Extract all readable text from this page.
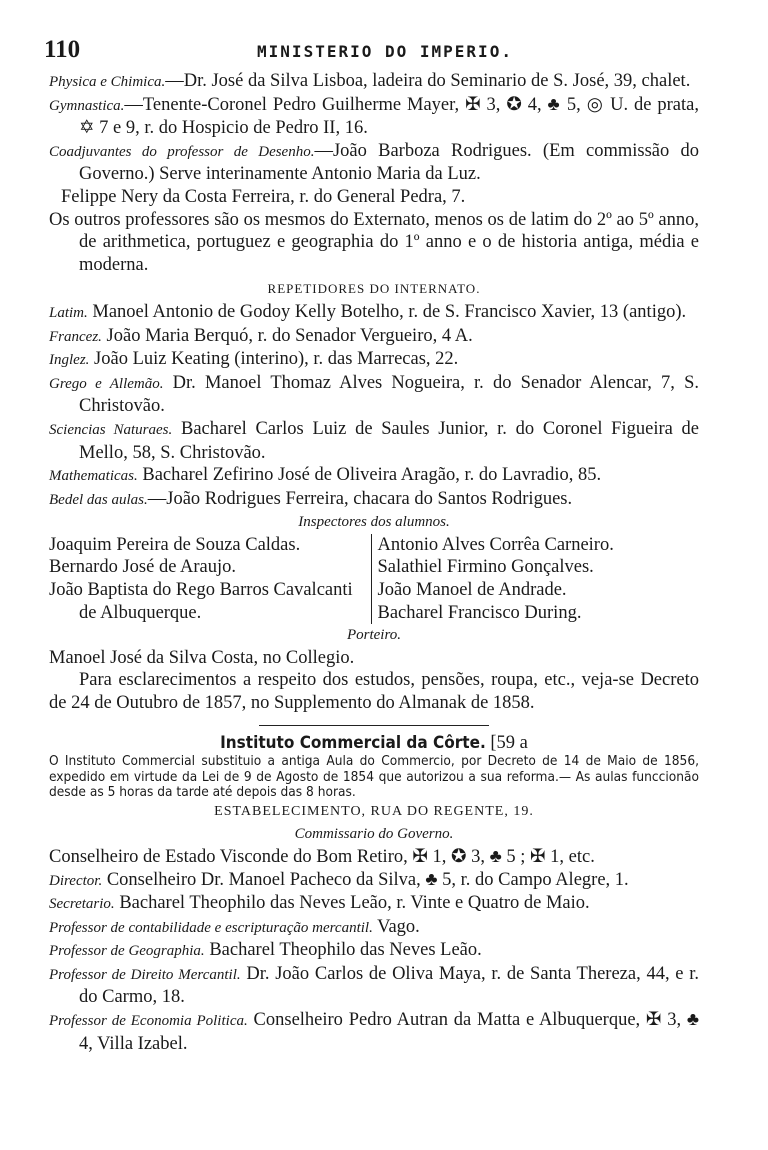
110	MINISTERIO DO IMPERIO.
Physica e Chimica.—Dr. José da Silva Lisboa, ladeira do Seminario de S. José, 39, chalet.
Gymnastica.—Tenente-Coronel Pedro Guilherme Mayer, ✠ 3, ✪ 4, ♣ 5, ◎ U. de prata, ✡ 7 e 9, r. do Hospicio de Pedro II, 16.
Coadjuvantes do professor de Desenho.—João Barboza Rodrigues. (Em commissão do Governo.) Serve interinamente Antonio Maria da Luz.
Felippe Nery da Costa Ferreira, r. do General Pedra, 7.
Os outros professores são os mesmos do Externato, menos os de latim do 2º ao 5º anno, de arithmetica, portuguez e geographia do 1º anno e o de historia antiga, média e moderna.
REPETIDORES DO INTERNATO.
Latim. Manoel Antonio de Godoy Kelly Botelho, r. de S. Francisco Xavier, 13 (antigo).
Francez. João Maria Berquó, r. do Senador Vergueiro, 4 A.
Inglez. João Luiz Keating (interino), r. das Marrecas, 22.
Grego e Allemão. Dr. Manoel Thomaz Alves Nogueira, r. do Senador Alencar, 7, S. Christovão.
Sciencias Naturaes. Bacharel Carlos Luiz de Saules Junior, r. do Coronel Figueira de Mello, 58, S. Christovão.
Mathematicas. Bacharel Zefirino José de Oliveira Aragão, r. do Lavradio, 85.
Bedel das aulas.—João Rodrigues Ferreira, chacara do Santos Rodrigues.
Inspectores dos alumnos.
Joaquim Pereira de Souza Caldas.
Bernardo José de Araujo.
João Baptista do Rego Barros Cavalcanti de Albuquerque.
Antonio Alves Corrêa Carneiro.
Salathiel Firmino Gonçalves.
João Manoel de Andrade.
Bacharel Francisco During.
Porteiro.
Manoel José da Silva Costa, no Collegio.
Para esclarecimentos a respeito dos estudos, pensões, roupa, etc., veja-se Decreto de 24 de Outubro de 1857, no Supplemento do Almanak de 1858.
Instituto Commercial da Côrte. [59 a
O Instituto Commercial substituio a antiga Aula do Commercio, por Decreto de 14 de Maio de 1856, expedido em virtude da Lei de 9 de Agosto de 1854 que autorizou a sua reforma.— As aulas funccionão desde as 5 horas da tarde até depois das 8 horas.
ESTABELECIMENTO, RUA DO REGENTE, 19.
Commissario do Governo.
Conselheiro de Estado Visconde do Bom Retiro, ✠ 1, ✪ 3, ♣ 5 ; ✠ 1, etc.
Director. Conselheiro Dr. Manoel Pacheco da Silva, ♣ 5, r. do Campo Alegre, 1.
Secretario. Bacharel Theophilo das Neves Leão, r. Vinte e Quatro de Maio.
Professor de contabilidade e escripturação mercantil. Vago.
Professor de Geographia. Bacharel Theophilo das Neves Leão.
Professor de Direito Mercantil. Dr. João Carlos de Oliva Maya, r. de Santa Thereza, 44, e r. do Carmo, 18.
Professor de Economia Politica. Conselheiro Pedro Autran da Matta e Albuquerque, ✠ 3, ♣ 4, Villa Izabel.
